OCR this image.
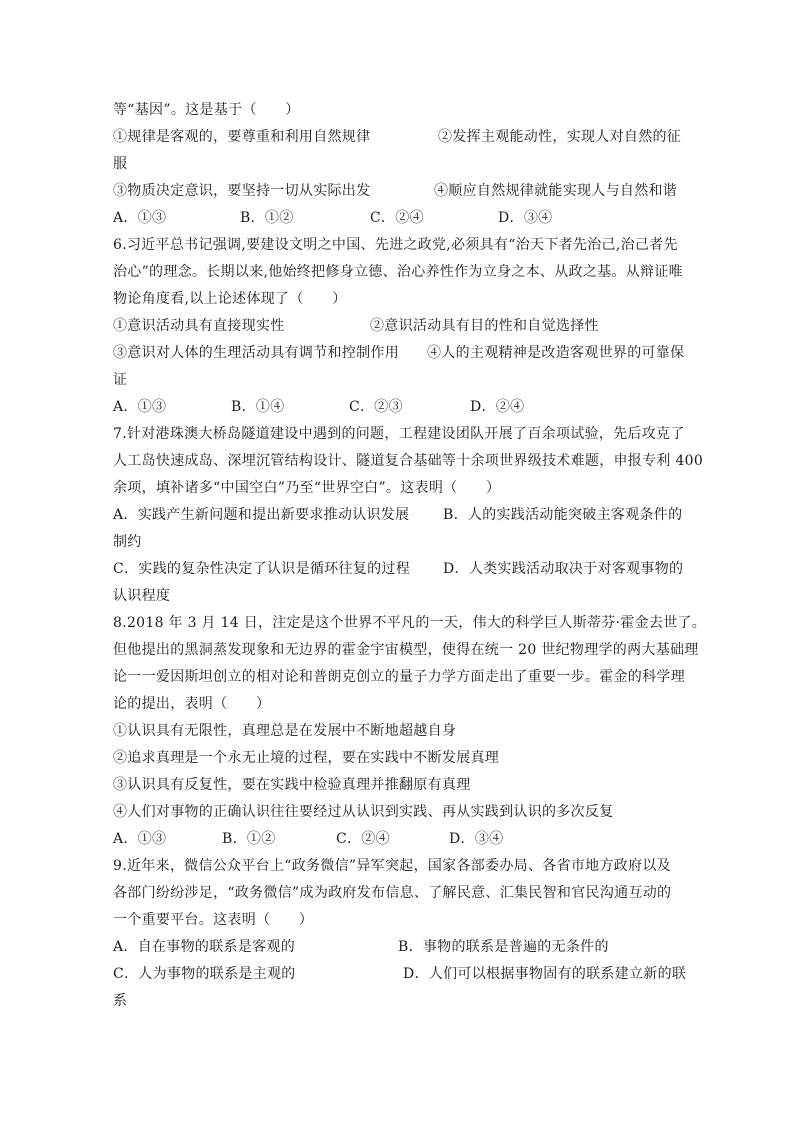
等“基因”。这是基于（　　）
①规律是客观的，要尊重和利用自然规律	②发挥主观能动性，实现人对自然的征
服
③物质决定意识，要坚持一切从实际出发	④顺应自然规律就能实现人与自然和谐
A．①③	B．①②	C．②④	D．③④
6.习近平总书记强调,要建设文明之中国、先进之政党,必须具有“治天下者先治己,治己者先
治心”的理念。长期以来,他始终把修身立德、治心养性作为立身之本、从政之基。从辩证唯
物论角度看,以上论述体现了（　　）
①意识活动具有直接现实性	②意识活动具有目的性和自觉选择性
③意识对人体的生理活动具有调节和控制作用 ④人的主观精神是改造客观世界的可靠保
证
A．①③	B．①④	C．②③	D．②④
7.针对港珠澳大桥岛隧道建设中遇到的问题，工程建设团队开展了百余项试验，先后攻克了
人工岛快速成岛、深埋沉管结构设计、隧道复合基础等十余项世界级技术难题，申报专利 400
余项，填补诸多“中国空白”乃至“世界空白”。这表明（　　）
A．实践产生新问题和提出新要求推动认识发展 B．人的实践活动能突破主客观条件的
制约
C．实践的复杂性决定了认识是循环往复的过程 D．人类实践活动取决于对客观事物的
认识程度
8.2018 年 3 月 14 日，注定是这个世界不平凡的一天，伟大的科学巨人斯蒂芬·霍金去世了。
但他提出的黑洞蒸发现象和无边界的霍金宇宙模型，使得在统一 20 世纪物理学的两大基础理
论一一爱因斯坦创立的相对论和普朗克创立的量子力学方面走出了重要一步。霍金的科学理
论的提出，表明（　　）
①认识具有无限性，真理总是在发展中不断地超越自身
②追求真理是一个永无止境的过程，要在实践中不断发展真理
③认识具有反复性，要在实践中检验真理并推翻原有真理
④人们对事物的正确认识往往要经过从认识到实践、再从实践到认识的多次反复
A．①③	B．①②	C．②④	D．③④
9.近年来，微信公众平台上“政务微信”异军突起，国家各部委办局、各省市地方政府以及
各部门纷纷涉足，“政务微信”成为政府发布信息、了解民意、汇集民智和官民沟通互动的
一个重要平台。这表明（　　）
A．自在事物的联系是客观的	B．事物的联系是普遍的无条件的
C．人为事物的联系是主观的	D．人们可以根据事物固有的联系建立新的联
系
